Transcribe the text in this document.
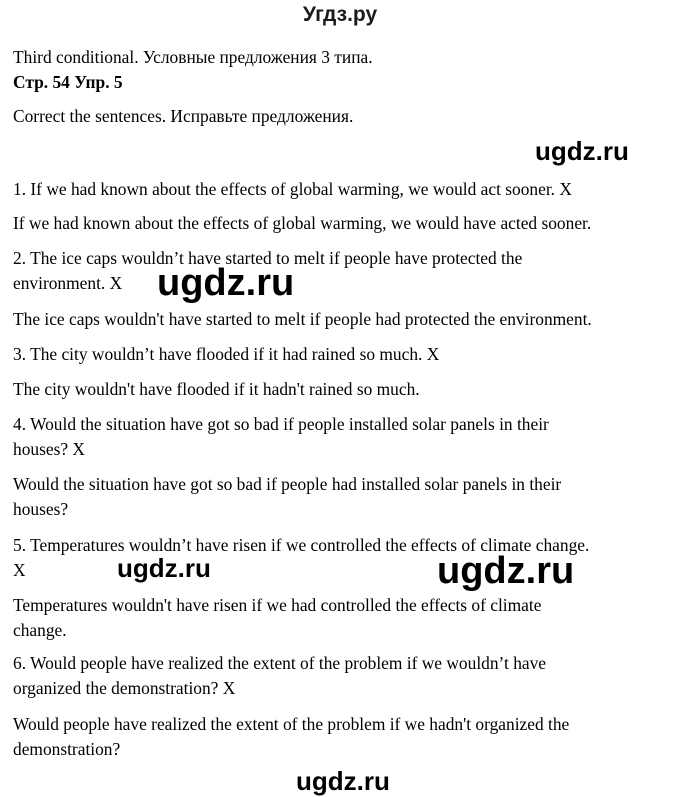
Угдз.ру
Third conditional. Условные предложения 3 типа.
Стр. 54 Упр. 5
Correct the sentences. Исправьте предложения.
ugdz.ru
1. If we had known about the effects of global warming, we would act sooner. X
If we had known about the effects of global warming, we would have acted sooner.
2. The ice caps wouldn’t have started to melt if people have protected the
environment. X ugdz.ru
The ice caps wouldn't have started to melt if people had protected the environment.
3. The city wouldn’t have flooded if it had rained so much. X
The city wouldn't have flooded if it hadn't rained so much.
4. Would the situation have got so bad if people installed solar panels in their
houses? X
Would the situation have got so bad if people had installed solar panels in their
houses?
5. Temperatures wouldn’t have risen if we controlled the effects of climate change.
X	ugdz.ru	ugdz.ru
Temperatures wouldn't have risen if we had controlled the effects of climate
change.
6. Would people have realized the extent of the problem if we wouldn’t have
organized the demonstration? X
Would people have realized the extent of the problem if we hadn't organized the
demonstration?
ugdz.ru
